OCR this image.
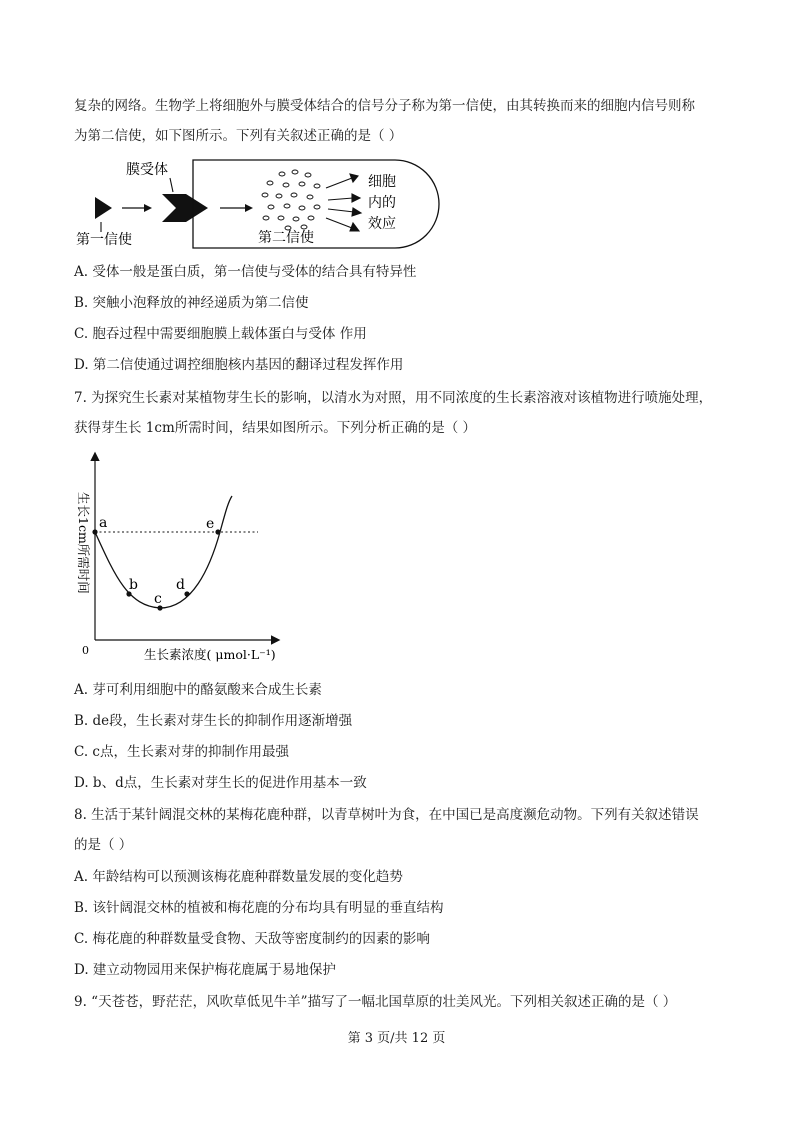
复杂的网络。生物学上将细胞外与膜受体结合的信号分子称为第一信使，由其转换而来的细胞内信号则称
为第二信使，如下图所示。下列有关叙述正确的是（ ）
膜受体
第一信使	第二信使
细胞
内的
效应
A. 受体一般是蛋白质，第一信使与受体的结合具有特异性
B. 突触小泡释放的神经递质为第二信使
C. 胞吞过程中需要细胞膜上载体蛋白与受体 作用
D. 第二信使通过调控细胞核内基因的翻译过程发挥作用
7. 为探究生长素对某植物芽生长的影响，以清水为对照，用不同浓度的生长素溶液对该植物进行喷施处理，
获得芽生长 1cm所需时间，结果如图所示。下列分析正确的是（ ）
a
b
c
d
e
0	生长素浓度( μmol·L⁻¹)
生长1cm所需时间
A. 芽可利用细胞中的酪氨酸来合成生长素
B. de段，生长素对芽生长的抑制作用逐渐增强
C. c点，生长素对芽的抑制作用最强
D. b、d点，生长素对芽生长的促进作用基本一致
8. 生活于某针阔混交林的某梅花鹿种群，以青草树叶为食，在中国已是高度濒危动物。下列有关叙述错误
的是（ ）
A. 年龄结构可以预测该梅花鹿种群数量发展的变化趋势
B. 该针阔混交林的植被和梅花鹿的分布均具有明显的垂直结构
C. 梅花鹿的种群数量受食物、天敌等密度制约的因素的影响
D. 建立动物园用来保护梅花鹿属于易地保护
9. “天苍苍，野茫茫，风吹草低见牛羊”描写了一幅北国草原的壮美风光。下列相关叙述正确的是（ ）
第 3 页/共 12 页
